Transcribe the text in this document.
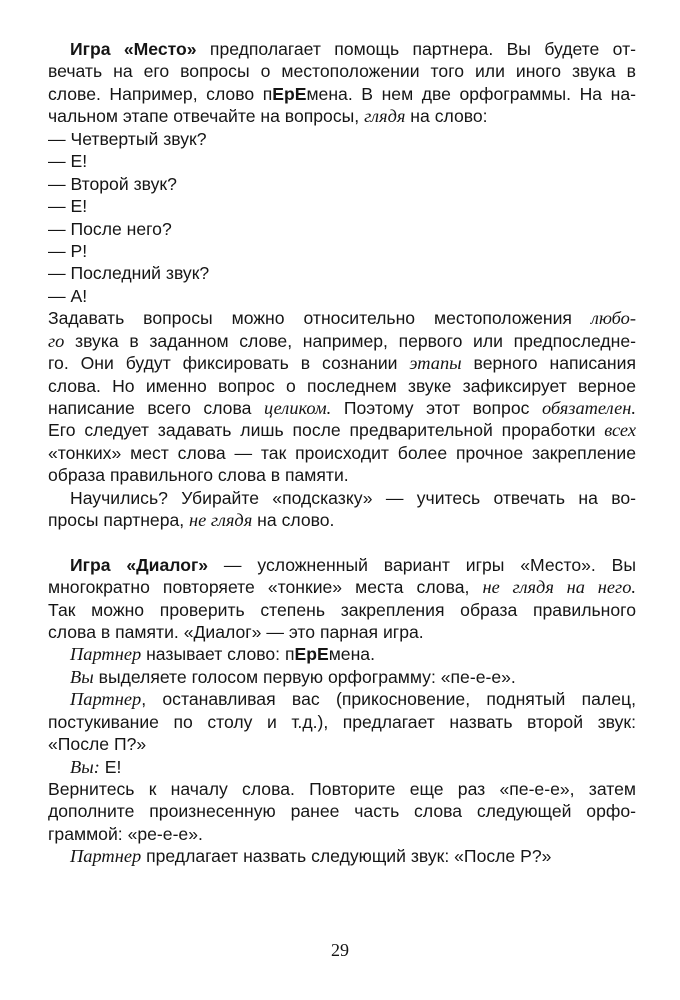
Игра «Место» предполагает помощь партнера. Вы будете от-
вечать на его вопросы о местоположении того или иного звука в
слове. Например, слово пЕрЕмена. В нем две орфограммы. На на-
чальном этапе отвечайте на вопросы, глядя на слово:
— Четвертый звук?
— Е!
— Второй звук?
— Е!
— После него?
— Р!
— Последний звук?
— А!
Задавать вопросы можно относительно местоположения любо-
го звука в заданном слове, например, первого или предпоследне-
го. Они будут фиксировать в сознании этапы верного написания
слова. Но именно вопрос о последнем звуке зафиксирует верное
написание всего слова целиком. Поэтому этот вопрос обязателен.
Его следует задавать лишь после предварительной проработки всех
«тонких» мест слова — так происходит более прочное закрепление
образа правильного слова в памяти.
Научились? Убирайте «подсказку» — учитесь отвечать на во-
просы партнера, не глядя на слово.
Игра «Диалог» — усложненный вариант игры «Место». Вы
многократно повторяете «тонкие» места слова, не глядя на него.
Так можно проверить степень закрепления образа правильного
слова в памяти. «Диалог» — это парная игра.
Партнер называет слово: пЕрЕмена.
Вы выделяете голосом первую орфограмму: «пе-е-е».
Партнер, останавливая вас (прикосновение, поднятый палец,
постукивание по столу и т.д.), предлагает назвать второй звук:
«После П?»
Вы: Е!
Вернитесь к началу слова. Повторите еще раз «пе-е-е», затем
дополните произнесенную ранее часть слова следующей орфо-
граммой: «ре-е-е».
Партнер предлагает назвать следующий звук: «После Р?»
29
